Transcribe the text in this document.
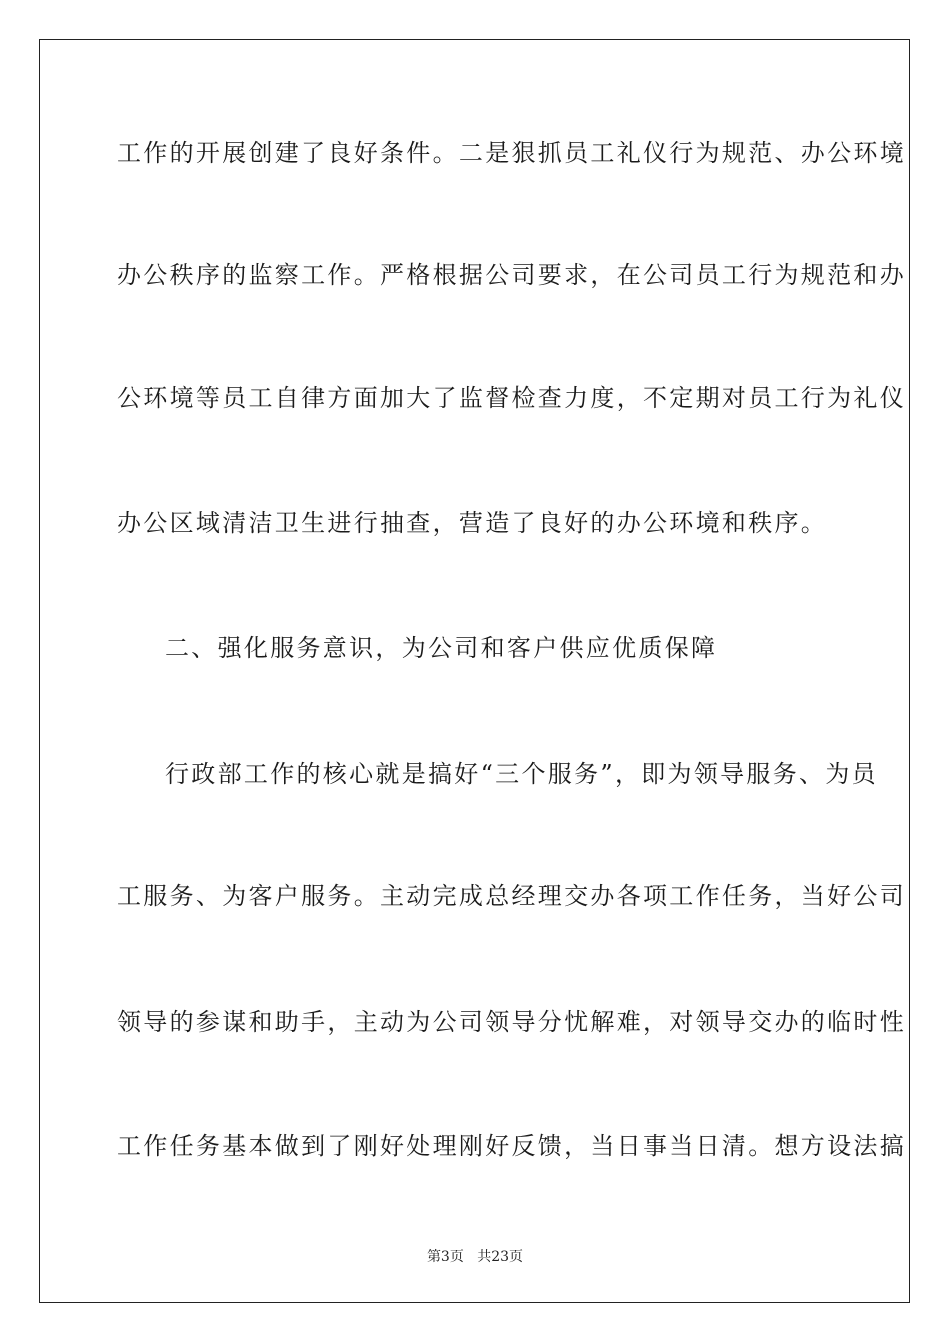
工作的开展创建了良好条件。二是狠抓员工礼仪行为规范、办公环境
办公秩序的监察工作。严格根据公司要求，在公司员工行为规范和办
公环境等员工自律方面加大了监督检查力度，不定期对员工行为礼仪
办公区域清洁卫生进行抽查，营造了良好的办公环境和秩序。
二、强化服务意识，为公司和客户供应优质保障
行政部工作的核心就是搞好“三个服务”，即为领导服务、为员
工服务、为客户服务。主动完成总经理交办各项工作任务，当好公司
领导的参谋和助手，主动为公司领导分忧解难，对领导交办的临时性
工作任务基本做到了刚好处理刚好反馈，当日事当日清。想方设法搞
第3页 共23页
